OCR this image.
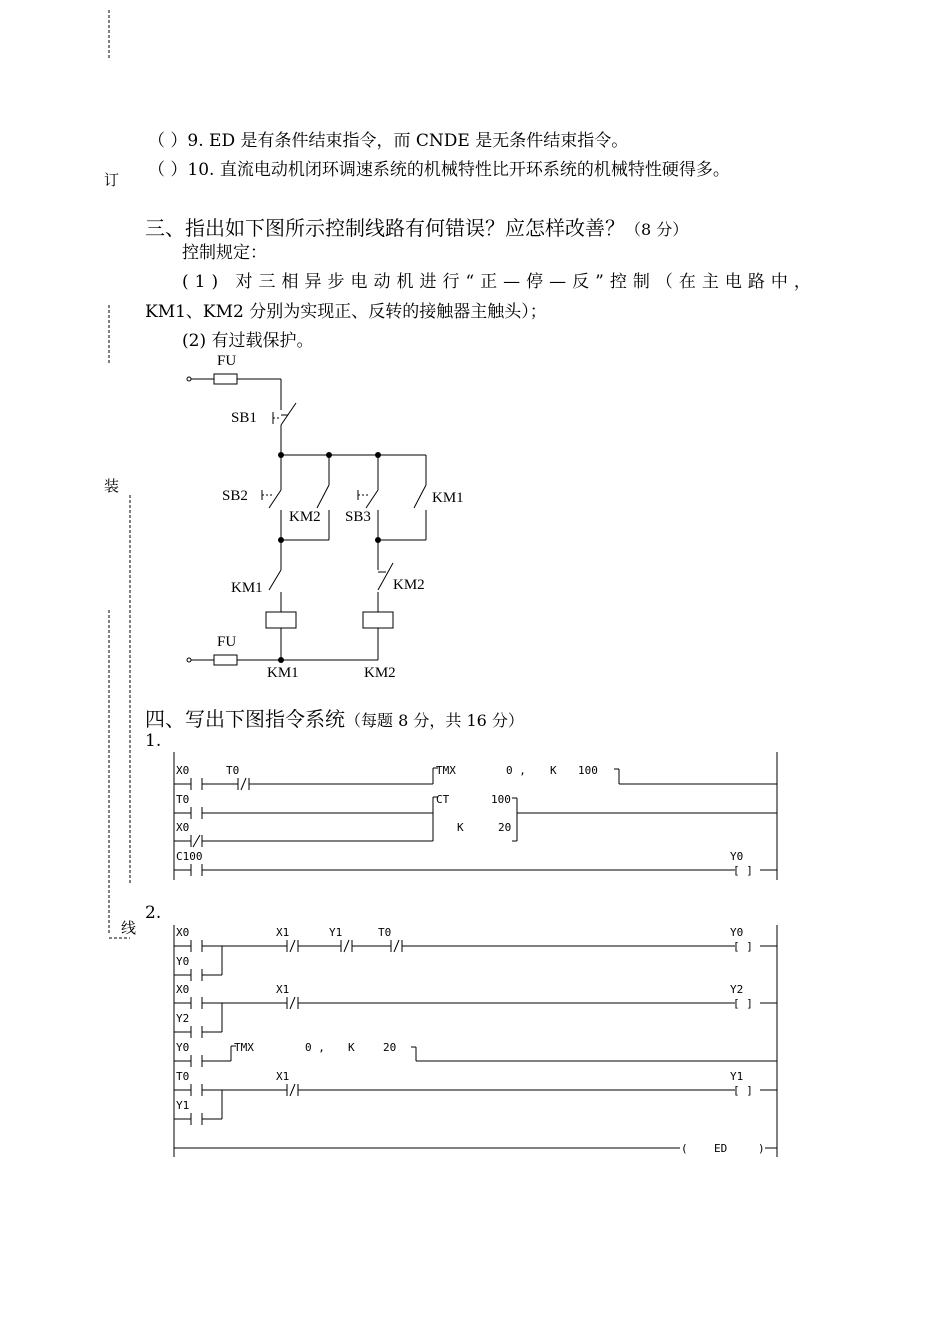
订
装
线
（ ）9. ED 是有条件结束指令，而 CNDE 是无条件结束指令。
（ ）10. 直流电动机闭环调速系统的机械特性比开环系统的机械特性硬得多。
三、指出如下图所示控制线路有何错误？应怎样改善？（8 分）
控制规定：
(1) 对三相异步电动机进行“正—停—反”控制（在主电路中，
KM1、KM2 分别为实现正、反转的接触器主触头）；
(2) 有过载保护。
FU
SB1
SB2
KM2 SB3
KM1
KM1	KM2
FU
KM1	KM2
四、写出下图指令系统（每题 8 分，共 16 分）
1.
2.
X0	T0	TMX	0 , K 100
T0	CT	100
X0	K	20
C100	Y0
[ ]
X0	X1	Y1	T0	Y0
[ ]
Y0
X0	X1	Y2
[ ]
Y2
Y0	TMX	0 , K	20
T0	X1	Y1
[ ]
Y1
( ED	)
